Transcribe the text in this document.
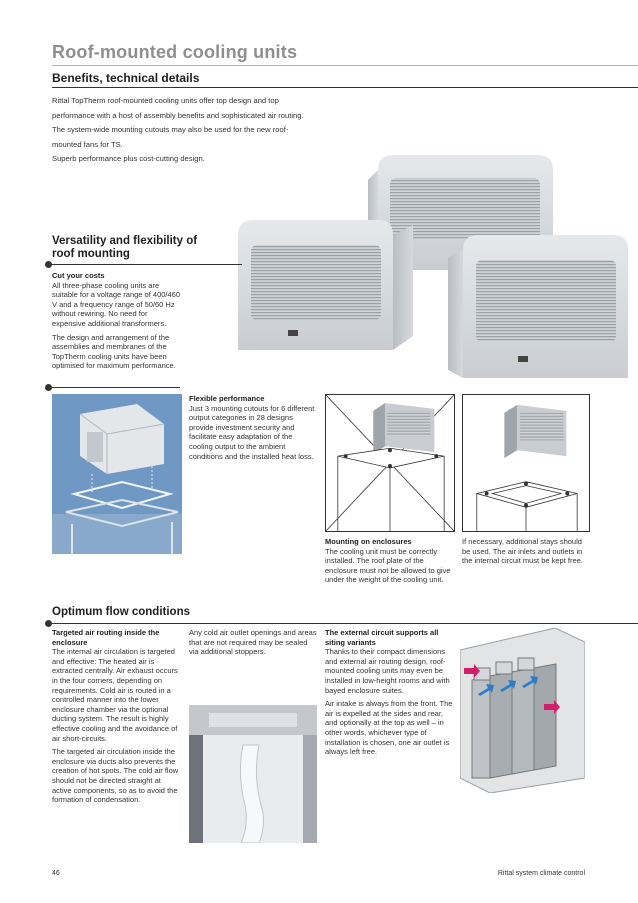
Roof-mounted cooling units
Benefits, technical details

Rittal TopTherm roof-mounted cooling units offer top design and top performance with a host of assembly benefits and sophisticated air routing.

The system-wide mounting cutouts may also be used for the new roof-mounted fans for TS.

Superb performance plus cost-cutting design.

Versatility and flexibility of
roof mounting
Cut your costs

All three-phase cooling units are suitable for a voltage range of 400/460 V and a frequency range of 50/60 Hz without rewiring. No need for expensive additional transformers.

The design and arrangement of the assemblies and membranes of the TopTherm cooling units have been optimised for maximum performance.

Flexible performance

Just 3 mounting cutouts for 6 different output categories in 28 designs provide investment security and facilitate easy adaptation of the cooling output to the ambient conditions and the installed heat loss.

Mounting on enclosures

The cooling unit must be correctly installed. The roof plate of the enclosure must not be allowed to give under the weight of the cooling unit.

If necessary, additional stays should be used. The air inlets and outlets in the internal circuit must be kept free.

Optimum flow conditions
Targeted air routing inside the enclosure

The internal air circulation is targeted and effective: The heated air is extracted centrally. Air exhaust occurs in the four corners, depending on requirements. Cold air is routed in a controlled manner into the lower enclosure chamber via the optional ducting system. The result is highly effective cooling and the avoidance of air short-circuits.

The targeted air circulation inside the enclosure via ducts also prevents the creation of hot spots. The cold air flow should not be directed straight at active components, so as to avoid the formation of condensation.

Any cold air outlet openings and areas that are not required may be sealed via additional stoppers.

The external circuit supports all siting variants

Thanks to their compact dimensions and external air routing design, roof-mounted cooling units may even be installed in low-height rooms and with bayed enclosure suites.

Air intake is always from the front. The air is expelled at the sides and rear, and optionally at the top as well – in other words, whichever type of installation is chosen, one air outlet is always left free.

46	Rittal system climate control
